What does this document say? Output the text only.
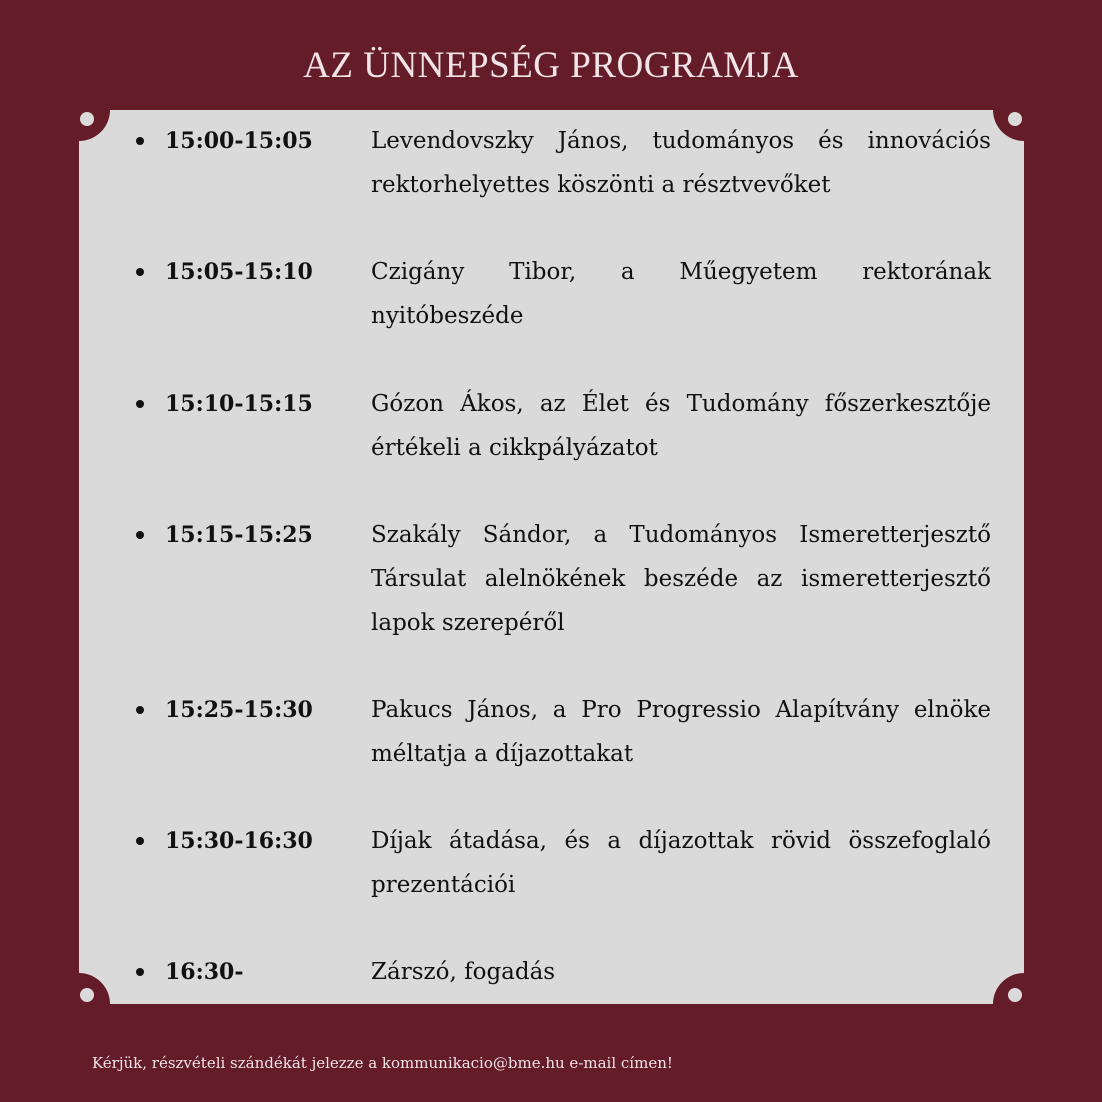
AZ ÜNNEPSÉG PROGRAMJA
15:00-15:05	Levendovszky János, tudományos és innovációs rektorhelyettes köszönti a résztvevőket
15:05-15:10	Czigány Tibor, a Műegyetem rektorának nyitóbeszéde
15:10-15:15	Gózon Ákos, az Élet és Tudomány főszerkesztője értékeli a cikkpályázatot
15:15-15:25	Szakály Sándor, a Tudományos Ismeretterjesztő Társulat alelnökének beszéde az ismeretterjesztő lapok szerepéről
15:25-15:30	Pakucs János, a Pro Progressio Alapítvány elnöke méltatja a díjazottakat
15:30-16:30	Díjak átadása, és a díjazottak rövid összefoglaló prezentációi
16:30-	Zárszó, fogadás
Kérjük, részvételi szándékát jelezze a kommunikacio@bme.hu e-mail címen!
